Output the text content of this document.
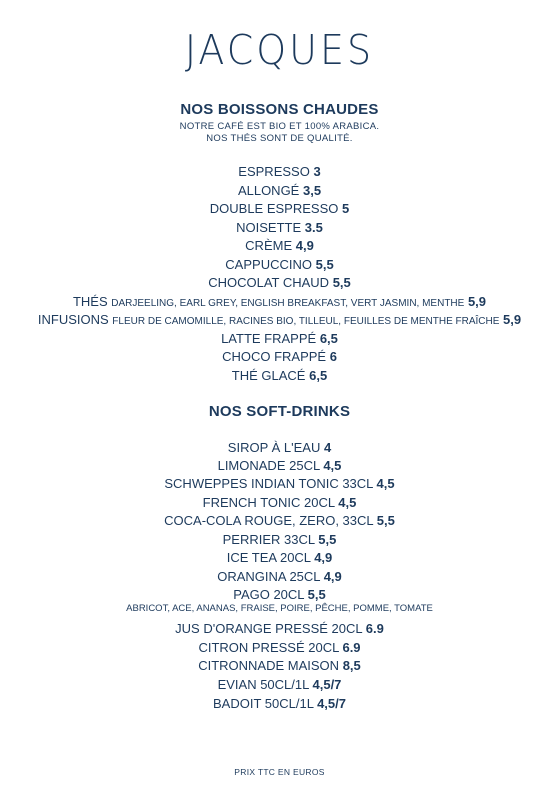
JACQUES
NOS BOISSONS CHAUDES
NOTRE CAFÉ EST BIO ET 100% ARABICA.
NOS THÉS SONT DE QUALITÉ.
ESPRESSO 3
ALLONGÉ 3,5
DOUBLE ESPRESSO 5
NOISETTE 3.5
CRÈME 4,9
CAPPUCCINO 5,5
CHOCOLAT CHAUD 5,5
THÉS DARJEELING, EARL GREY, ENGLISH BREAKFAST, VERT JASMIN, MENTHE 5,9
INFUSIONS FLEUR DE CAMOMILLE, RACINES BIO, TILLEUL, FEUILLES DE MENTHE FRAÎCHE 5,9
LATTE FRAPPÉ 6,5
CHOCO FRAPPÉ 6
THÉ GLACÉ 6,5
NOS SOFT-DRINKS
SIROP À L'EAU 4
LIMONADE 25CL 4,5
SCHWEPPES INDIAN TONIC 33CL 4,5
FRENCH TONIC 20CL 4,5
COCA-COLA ROUGE, ZERO, 33CL 5,5
PERRIER 33CL 5,5
ICE TEA 20CL 4,9
ORANGINA 25CL 4,9
PAGO 20CL 5,5
ABRICOT, ACE, ANANAS, FRAISE, POIRE, PÊCHE, POMME, TOMATE
JUS D'ORANGE PRESSÉ 20CL 6.9
CITRON PRESSÉ 20CL 6.9
CITRONNADE MAISON 8,5
EVIAN 50CL/1L 4,5/7
BADOIT 50CL/1L 4,5/7
PRIX TTC EN EUROS
